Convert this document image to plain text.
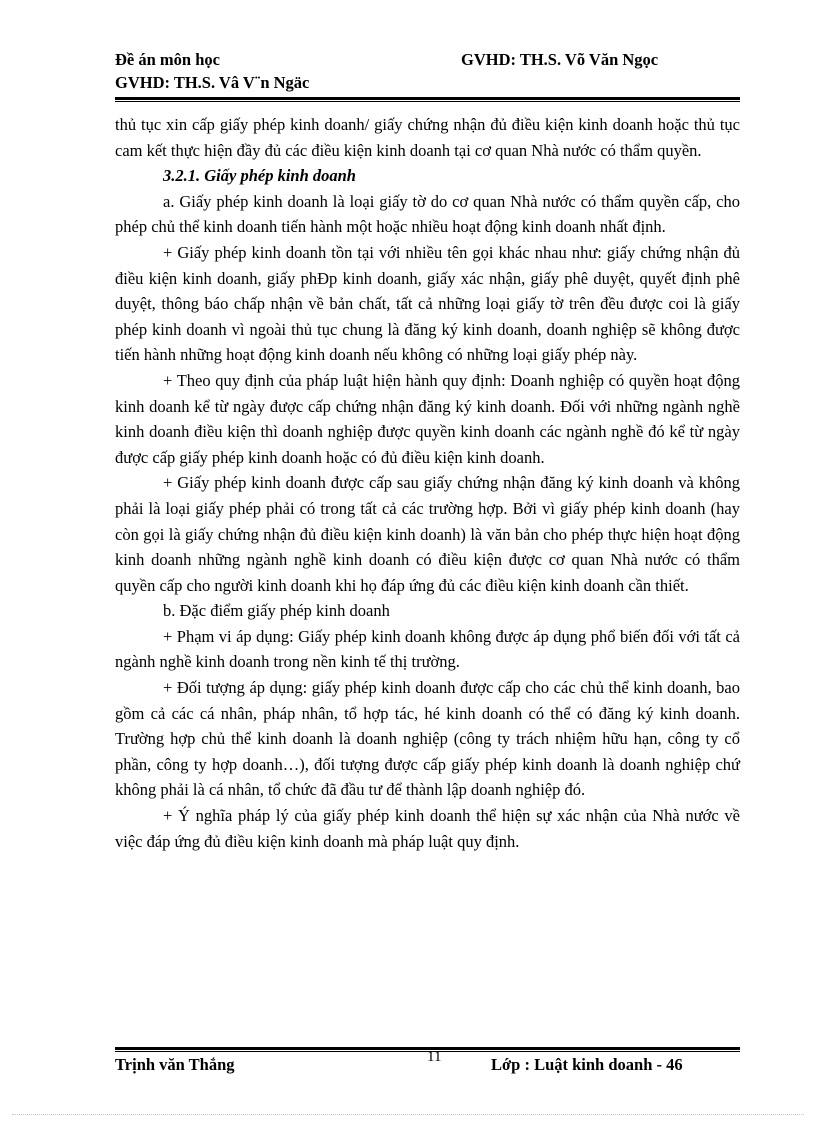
Đề án môn học	GVHD: TH.S. Võ Văn Ngọc
GVHD: TH.S. Vâ V¨n Ngäc

thủ tục xin cấp giấy phép kinh doanh/ giấy chứng nhận đủ điều kiện kinh doanh hoặc thủ tục cam kết thực hiện đầy đủ các điều kiện kinh doanh tại cơ quan Nhà nước có thẩm quyền.

3.2.1. Giấy phép kinh doanh

a. Giấy phép kinh doanh là loại giấy tờ do cơ quan Nhà nước có thẩm quyền cấp, cho phép chủ thể kinh doanh tiến hành một hoặc nhiều hoạt động kinh doanh nhất định.

+ Giấy phép kinh doanh tồn tại với nhiều tên gọi khác nhau như: giấy chứng nhận đủ điều kiện kinh doanh, giấy phÐp kinh doanh, giấy xác nhận, giấy phê duyệt, quyết định phê duyệt, thông báo chấp nhận về bản chất, tất cả những loại giấy tờ trên đều được coi là giấy phép kinh doanh vì ngoài thủ tục chung là đăng ký kinh doanh, doanh nghiệp sẽ không được tiến hành những hoạt động kinh doanh nếu không có những loại giấy phép này.

+ Theo quy định của pháp luật hiện hành quy định: Doanh nghiệp có quyền hoạt động kinh doanh kể từ ngày được cấp chứng nhận đăng ký kinh doanh. Đối với những ngành nghề kinh doanh điều kiện thì doanh nghiệp được quyền kinh doanh các ngành nghề đó kể từ ngày được cấp giấy phép kinh doanh hoặc có đủ điều kiện kinh doanh.

+ Giấy phép kinh doanh được cấp sau giấy chứng nhận đăng ký kinh doanh và không phải là loại giấy phép phải có trong tất cả các trường hợp. Bởi vì giấy phép kinh doanh (hay còn gọi là giấy chứng nhận đủ điều kiện kinh doanh) là văn bản cho phép thực hiện hoạt động kinh doanh những ngành nghề kinh doanh có điều kiện được cơ quan Nhà nước có thẩm quyền cấp cho người kinh doanh khi họ đáp ứng đủ các điều kiện kinh doanh cần thiết.

b. Đặc điểm giấy phép kinh doanh

+ Phạm vi áp dụng: Giấy phép kinh doanh không được áp dụng phổ biến đối với tất cả ngành nghề kinh doanh trong nền kinh tế thị trường.

+ Đối tượng áp dụng: giấy phép kinh doanh được cấp cho các chủ thể kinh doanh, bao gồm cả các cá nhân, pháp nhân, tổ hợp tác, hé kinh doanh có thể có đăng ký kinh doanh. Trường hợp chủ thể kinh doanh là doanh nghiệp (công ty trách nhiệm hữu hạn, công ty cổ phần, công ty hợp doanh…), đối tượng được cấp giấy phép kinh doanh là doanh nghiệp chứ không phải là cá nhân, tổ chức đã đầu tư để thành lập doanh nghiệp đó.

+ Ý nghĩa pháp lý của giấy phép kinh doanh thể hiện sự xác nhận của Nhà nước về việc đáp ứng đủ điều kiện kinh doanh mà pháp luật quy định.

Trịnh văn Thắng	11	Lớp : Luật kinh doanh - 46
